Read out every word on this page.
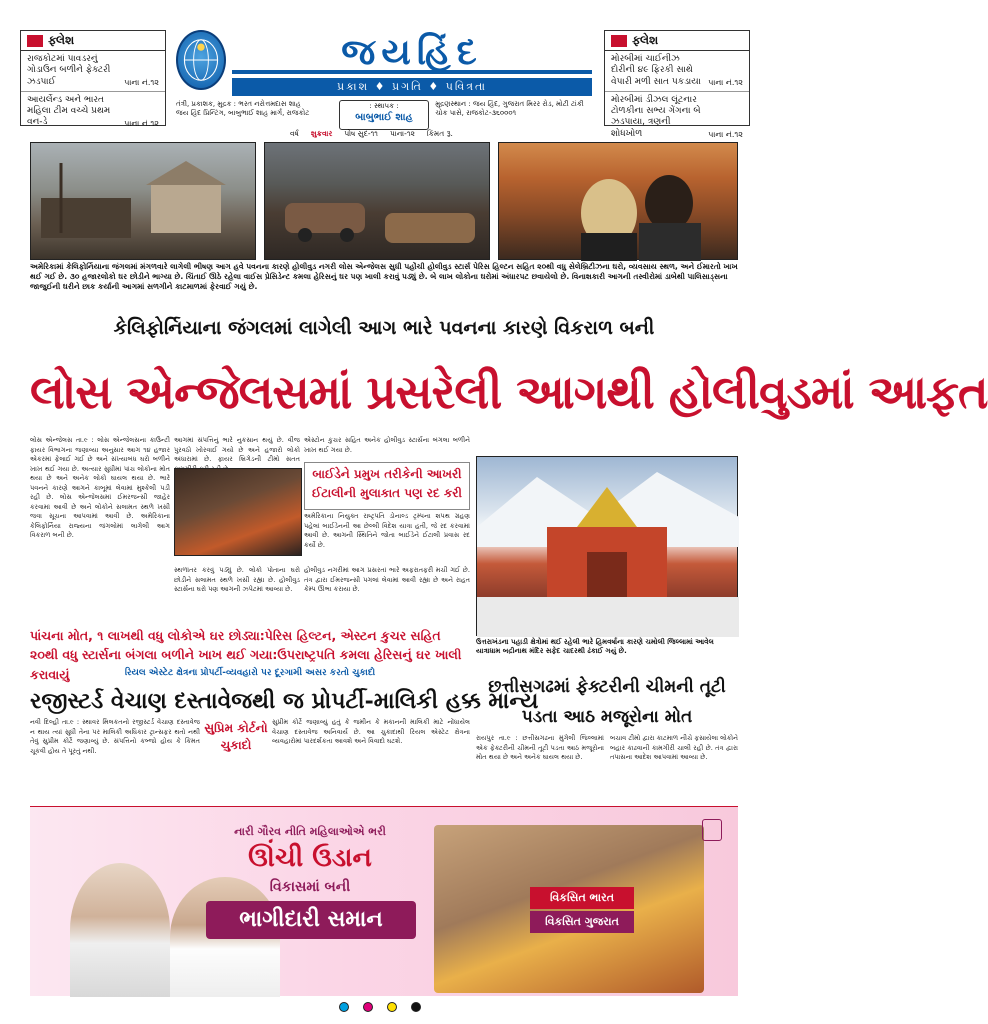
ફ્લેશ
રાજકોટમાં પાવડરનું ગોડાઉન બળીને ફેક્ટરી ઝડપાઈ	પાના નં.૧૨
આયર્લેન્ડ અને ભારત મહિલા ટીમ વચ્ચે પ્રથમ વન-ડે	પાના નં.૧૨
ફ્લેશ
મોરબીમાં ચાઈનીઝ દોરીની ૪૯ ફિરકી સાથે વેપારી મળી સાત પકડાયા પાના નં.૧૨
મોરબીમાં ડીઝલ લૂંટનાર ટોળકીના સભ્ય ગેંગના બે ઝડપાયા, ત્રણની શોધખોળ	પાના નં.૧૨
જયહિંદ
પ્રકાશ ♦ પ્રગતિ ♦ પવિત્રતા
તંત્રી, પ્રકાશક, મુદ્રક : ભરત નરોત્તમદાસ શાહ
જય હિંદ પ્રિન્ટિંગ, બાબુભાઈ શાહ માર્ગ, રાજકોટ
: સ્થાપક :
બાબુભાઈ શાહ
મુદ્રણસ્થાન : જય હિંદ, ગુજરાત મિરર રોડ, મોટી ટાંકી ચોક પાસે, રાજકોટ-૩૬૦૦૦૧
વર્ષ શુક્રવાર પોષ સુદ-૧૧ પાના-૧૨ કિંમત રૂ.
અમેરિકામાં કેલિફોર્નિયાના જંગલમાં મંગળવારે લાગેલી ભીષણ આગ હવે પવનના કારણે હોલીવુડ નગરી લોસ એન્જેલસ સુધી પહોંચી હોલીવુડ સ્ટાર્સ પેરિસ હિલ્ટન સહિત ૨૦થી વધુ સેલેબ્રિટીઝના ઘરો, વ્યવસાય સ્થળ, અને ઈમારતો ખાખ થઈ ગઈ છે. ૩૦ હજારલોકો ઘર છોડીને ભાગ્યા છે. ચિંતાઈ ઊઠે રહેલા વાઈસ પ્રેસિડેન્ટ કમલા હેરિસનું ઘર પણ ખાલી કરાવું પડ્યું છે. બે લાખ લોકોના ઘરોમાં અંધારપટ છવાયેલો છે. વિનાશકારી આગની તસ્વીરોમાં ડાબેથી પાલિસાડ્સના જાજુઈની ઘરીને છાક કર્યાની આગમાં સળગીને કાટમાળમાં ફેરવાઈ ગયું છે.
કેલિફોર્નિયાના જંગલમાં લાગેલી આગ ભારે પવનના કારણે વિકરાળ બની
લોસ એન્જેલસમાં પ્રસરેલી આગથી હોલીવુડમાં આફત
લોસ એન્જેલસ તા.૯ : લોસ એન્જેલસના કાઉન્ટી ફાયર વિભાગના જણાવ્યા અનુસાર આગ ૧૪ હજાર એકરમાં ફેલાઈ ગઈ છે અને સંખ્યાબંધ ઘરો બળીને ખાખ થઈ ગયા છે. અત્યાર સુધીમાં પાંચ લોકોના મોત થયા છે અને અનેક લોકો ઘાયલ થયા છે. ભારે પવનને કારણે આગને કાબૂમાં લેવામાં મુશ્કેલી પડી રહી છે. લોસ એન્જેલસમાં ઈમરજન્સી જાહેર કરવામાં આવી છે અને લોકોને સલામત સ્થળે ખસી જવા સૂચના આપવામાં આવી છે. અમેરિકાના કેલિફોર્નિયા રાજ્યના જંગલોમાં લાગેલી આગ વિકરાળ બની છે.
આગમાં સંપત્તિનું ભારે નુકસાન થયું છે. વીજ પુરવઠો ખોરવાઈ ગયો છે અને હજારો લોકો અંધારામાં છે. ફાયર બ્રિગેડની ટીમો સતત
એસ્ટોન કુચર સહિત અનેક હોલીવુડ સ્ટાર્સના બંગલા બળીને ખાખ થઈ ગયા છે.
બાઈડેને પ્રમુખ તરીકેની આખરી ઈટાલીની મુલાકાત પણ રદ કરી
અમેરિકાના નિયુક્ત રાષ્ટ્રપતિ ડોનાલ્ડ ટ્રમ્પના શપથ ગ્રહણ પહેલાં બાઈડેનની આ છેલ્લી વિદેશ યાત્રા હતી, જે રદ કરવામાં આવી છે. આગની સ્થિતિને જોતા બાઈડેને ઈટાલી પ્રવાસ રદ કર્યો છે.
સ્થળાંતર કરવું પડ્યું છે. લોકો પોતાના ઘરો છોડીને સલામત સ્થળે ખસી રહ્યા છે. હોલીવુડ સ્ટાર્સના ઘરો પણ આગની ઝપેટમાં આવ્યા છે.
હોલીવુડ નગરીમાં આગ પ્રસરતાં ભારે અફરાતફરી મચી ગઈ છે. તંત્ર દ્વારા ઈમરજન્સી પગલાં લેવામાં આવી રહ્યા છે અને રાહત કેમ્પ ઊભા કરાયા છે.
ઉત્તરાખંડના પહાડી ક્ષેત્રોમાં થઈ રહેલી ભારે હિમવર્ષાના કારણે ચમોલી જિલ્લામાં આવેલ યાત્રાધામ બદ્રીનાથ મંદિર સફેદ ચાદરથી ઢંકાઈ ગયું છે.
પાંચના મોત, ૧ લાખથી વધુ લોકોએ ઘર છોડ્યા:પેરિસ હિલ્ટન, એસ્ટન કુચર સહિત ૨૦થી વધુ સ્ટાર્સના બંગલા બળીને ખાખ થઈ ગયા:ઉપરાષ્ટ્રપતિ કમલા હેરિસનું ઘર ખાલી કરાવાયું	રિયલ એસ્ટેટ ક્ષેત્રના પ્રોપર્ટી-વ્યવહારો પર દૂરગામી અસર કરતો ચુકાદો
રજીસ્ટર્ડ વેચાણ દસ્તાવેજથી જ પ્રોપર્ટી-માલિકી હક્ક માન્ય
નવી દિલ્હી તા.૯ : સ્થાવર મિલકતનો રજીસ્ટર્ડ વેચાણ દસ્તાવેજ ન થાય ત્યાં સુધી તેના પર માલિકી અધિકાર ટ્રાન્સફર થતો નથી તેવું સુપ્રીમ કોર્ટે જણાવ્યું છે. સંપત્તિનો કબ્જો હોય કે કિંમત ચૂકવી હોય તે પૂરતું નથી.
સુપ્રિમ કોર્ટનો ચુકાદો
સુપ્રીમ કોર્ટે જણાવ્યું હતું કે જમીન કે મકાનની માલિકી માટે નોંધાયેલ વેચાણ દસ્તાવેજ અનિવાર્ય છે. આ ચુકાદાથી રિયલ એસ્ટેટ ક્ષેત્રના વ્યવહારોમાં પારદર્શકતા આવશે અને વિવાદો ઘટશે.
છત્તીસગઢમાં ફેક્ટરીની ચીમની તૂટી પડતા આઠ મજૂરોના મોત
રાયપુર તા.૯ : છત્તીસગઢના મુંગેલી જિલ્લામાં એક ફેક્ટરીની ચીમની તૂટી પડતા આઠ મજૂરોના મોત થયા છે અને અનેક ઘાયલ થયા છે.
બચાવ ટીમો દ્વારા કાટમાળ નીચે ફસાયેલા લોકોને બહાર કાઢવાની કામગીરી ચાલી રહી છે. તંત્ર દ્વારા તપાસના આદેશ આપવામાં આવ્યા છે.
નારી ગૌરવ નીતિ મહિલાઓએ ભરી
ઊંચી ઉડાન
વિકાસમાં બની
ભાગીદારી સમાન
વિકસિત ભારત
વિકસિત ગુજરાત
